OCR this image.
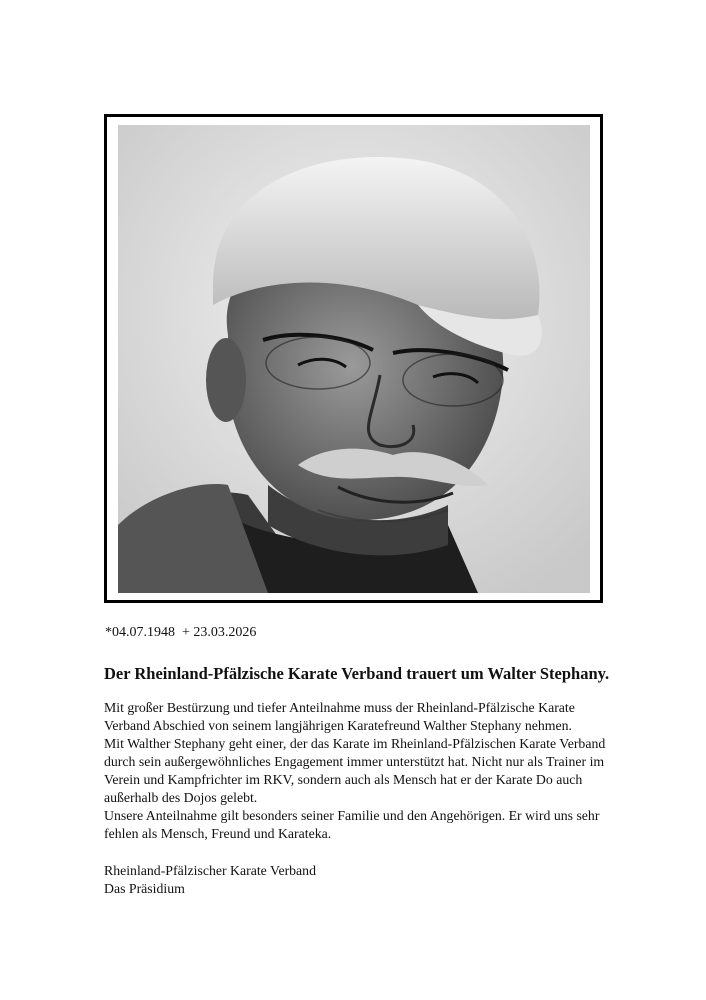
*04.07.1948  + 23.03.2026
Der Rheinland-Pfälzische Karate Verband trauert um Walter Stephany.

Mit großer Bestürzung und tiefer Anteilnahme muss der Rheinland-Pfälzische Karate

Verband Abschied von seinem langjährigen Karatefreund Walther Stephany nehmen.

Mit Walther Stephany geht einer, der das Karate im Rheinland-Pfälzischen Karate Verband

durch sein außergewöhnliches Engagement immer unterstützt hat. Nicht nur als Trainer im

Verein und Kampfrichter im RKV, sondern auch als Mensch hat er der Karate Do auch

außerhalb des Dojos gelebt.

Unsere Anteilnahme gilt besonders seiner Familie und den Angehörigen. Er wird uns sehr

fehlen als Mensch, Freund und Karateka.

Rheinland-Pfälzischer Karate Verband
Das Präsidium
